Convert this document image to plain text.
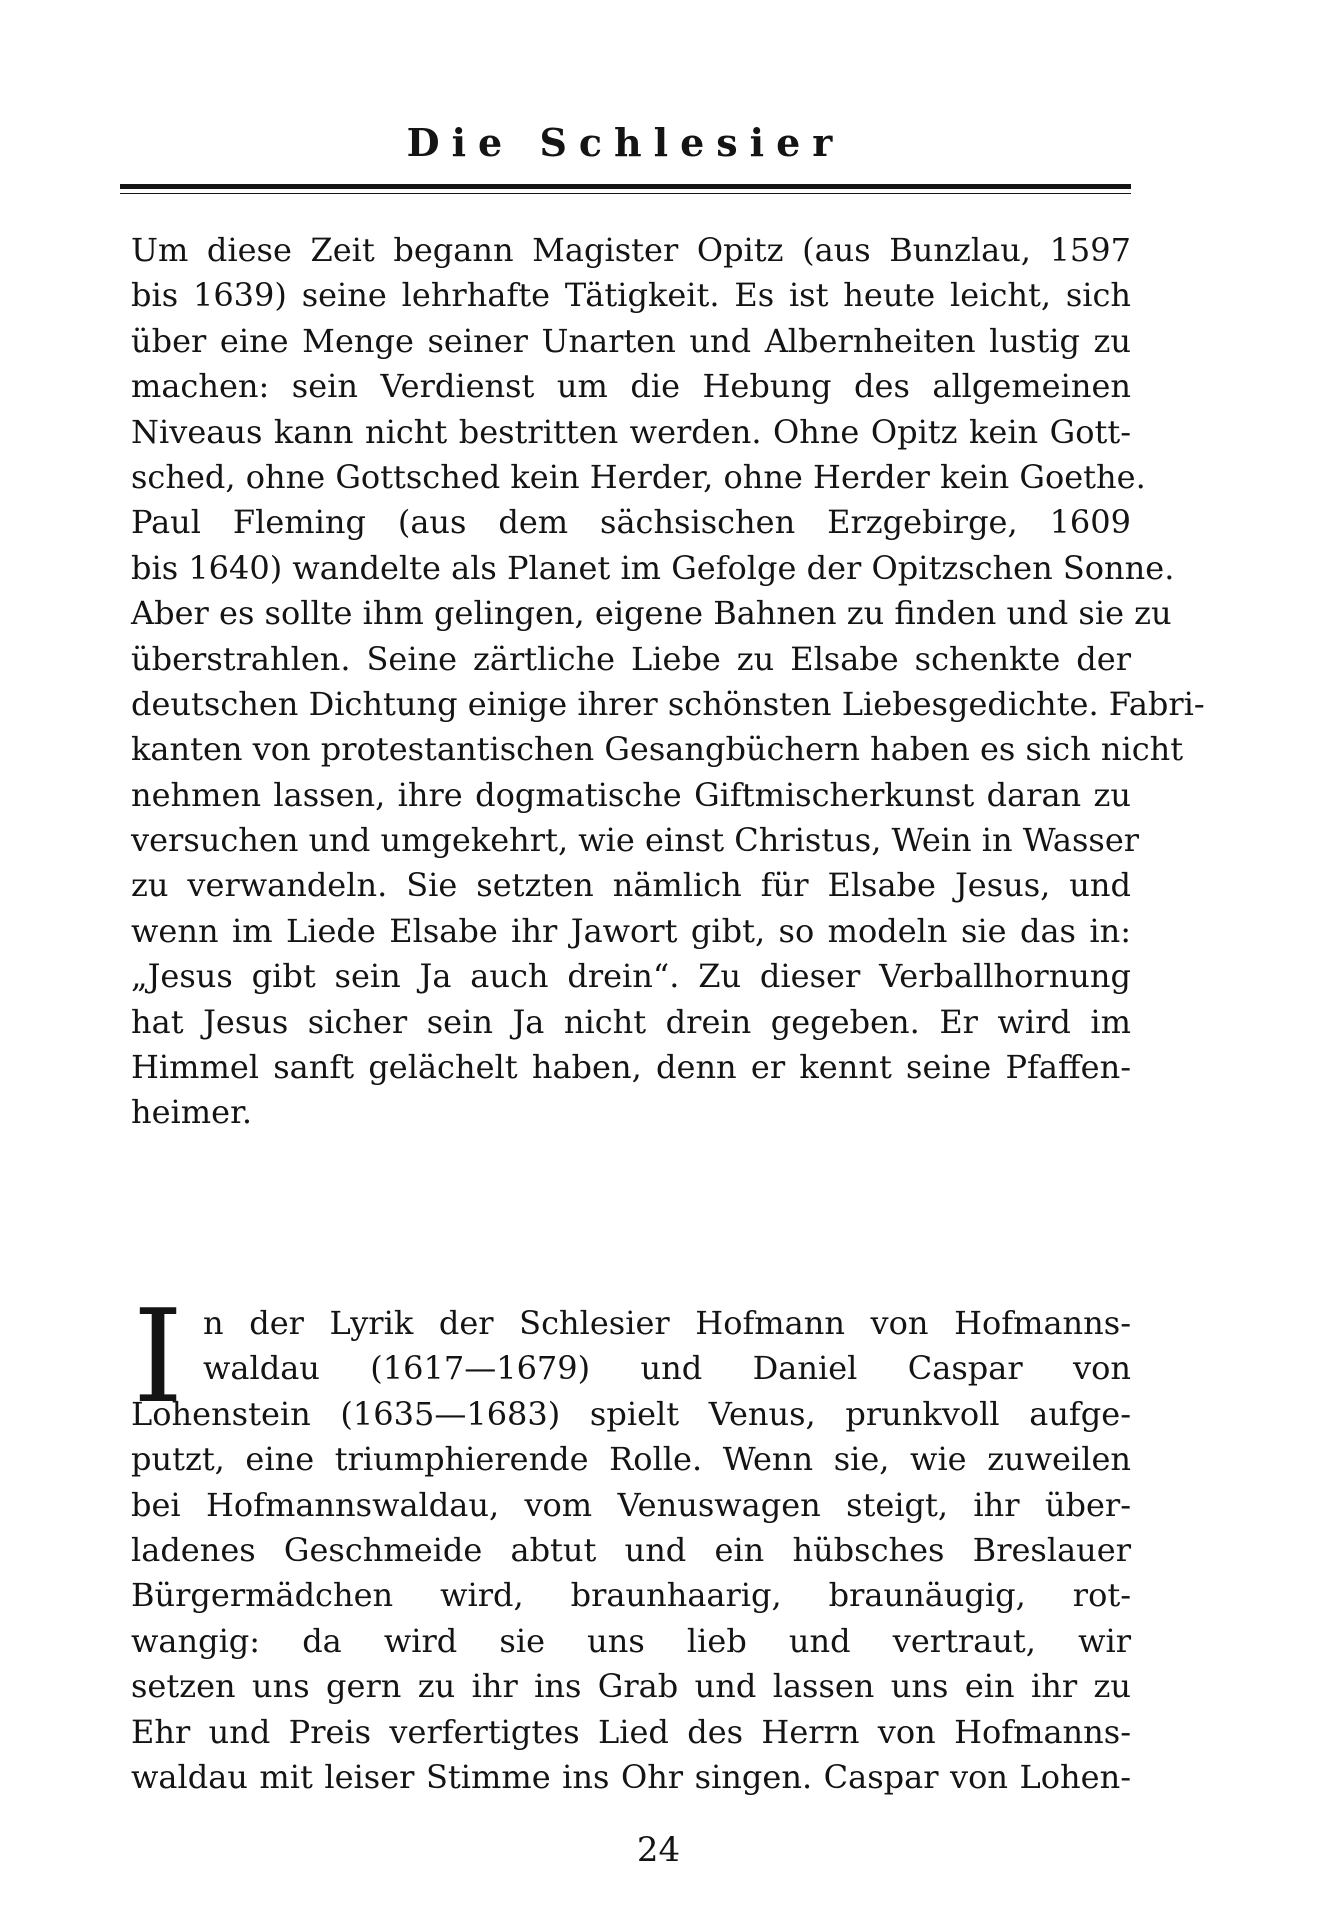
Die Schlesier
Um diese Zeit begann Magister Opitz (aus Bunzlau, 1597
bis 1639) seine lehrhafte Tätigkeit. Es ist heute leicht, sich
über eine Menge seiner Unarten und Albernheiten lustig zu
machen: sein Verdienst um die Hebung des allgemeinen
Niveaus kann nicht bestritten werden. Ohne Opitz kein Gott-
sched, ohne Gottsched kein Herder, ohne Herder kein Goethe.
Paul Fleming (aus dem sächsischen Erzgebirge, 1609
bis 1640) wandelte als Planet im Gefolge der Opitzschen Sonne.
Aber es sollte ihm gelingen, eigene Bahnen zu finden und sie zu
überstrahlen. Seine zärtliche Liebe zu Elsabe schenkte der
deutschen Dichtung einige ihrer schönsten Liebesgedichte. Fabri-
kanten von protestantischen Gesangbüchern haben es sich nicht
nehmen lassen, ihre dogmatische Giftmischerkunst daran zu
versuchen und umgekehrt, wie einst Christus, Wein in Wasser
zu verwandeln. Sie setzten nämlich für Elsabe Jesus, und
wenn im Liede Elsabe ihr Jawort gibt, so modeln sie das in:
„Jesus gibt sein Ja auch drein“. Zu dieser Verballhornung
hat Jesus sicher sein Ja nicht drein gegeben. Er wird im
Himmel sanft gelächelt haben, denn er kennt seine Pfaffen-
heimer.
I n der Lyrik der Schlesier Hofmann von Hofmanns-
waldau (1617—1679) und Daniel Caspar von
Lohenstein (1635—1683) spielt Venus, prunkvoll aufge-
putzt, eine triumphierende Rolle. Wenn sie, wie zuweilen
bei Hofmannswaldau, vom Venuswagen steigt, ihr über-
ladenes Geschmeide abtut und ein hübsches Breslauer
Bürgermädchen wird, braunhaarig, braunäugig, rot-
wangig: da wird sie uns lieb und vertraut, wir
setzen uns gern zu ihr ins Grab und lassen uns ein ihr zu
Ehr und Preis verfertigtes Lied des Herrn von Hofmanns-
waldau mit leiser Stimme ins Ohr singen. Caspar von Lohen-
24
